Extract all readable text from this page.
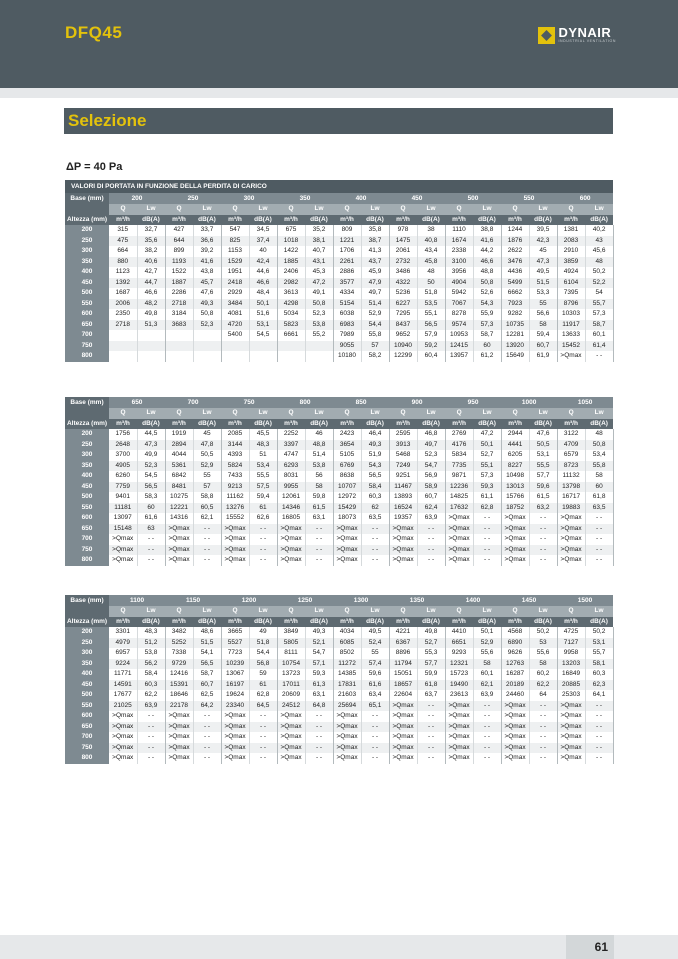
DFQ45	DYNAIR
INDUSTRIAL VENTILATION
Selezione
ΔP = 40 Pa
VALORI DI PORTATA IN FUNZIONE DELLA PERDITA DI CARICO																		
Base (mm)	200		250		300		350		400		450		500		550		600	
	Q	Lw	Q	Lw	Q	Lw	Q	Lw	Q	Lw	Q	Lw	Q	Lw	Q	Lw	Q	Lw
Altezza (mm)	m³/h	dB(A)	m³/h	dB(A)	m³/h	dB(A)	m³/h	dB(A)	m³/h	dB(A)	m³/h	dB(A)	m³/h	dB(A)	m³/h	dB(A)	m³/h	dB(A)
200	315	32,7	427	33,7	547	34,5	675	35,2	809	35,8	978	38	1110	38,8	1244	39,5	1381	40,2
250	475	35,6	644	36,6	825	37,4	1018	38,1	1221	38,7	1475	40,8	1674	41,6	1876	42,3	2083	43
300	664	38,2	899	39,2	1153	40	1422	40,7	1706	41,3	2061	43,4	2338	44,2	2622	45	2910	45,6
350	880	40,6	1193	41,6	1529	42,4	1885	43,1	2261	43,7	2732	45,8	3100	46,6	3476	47,3	3859	48
400	1123	42,7	1522	43,8	1951	44,6	2406	45,3	2886	45,9	3486	48	3956	48,8	4436	49,5	4924	50,2
450	1392	44,7	1887	45,7	2418	46,6	2982	47,2	3577	47,9	4322	50	4904	50,8	5499	51,5	6104	52,2
500	1687	46,6	2286	47,6	2929	48,4	3613	49,1	4334	49,7	5236	51,8	5942	52,6	6662	53,3	7395	54
550	2006	48,2	2718	49,3	3484	50,1	4298	50,8	5154	51,4	6227	53,5	7067	54,3	7923	55	8796	55,7
600	2350	49,8	3184	50,8	4081	51,6	5034	52,3	6038	52,9	7295	55,1	8278	55,9	9282	56,6	10303	57,3
650	2718	51,3	3683	52,3	4720	53,1	5823	53,8	6983	54,4	8437	56,5	9574	57,3	10735	58	11917	58,7
700					5400	54,5	6661	55,2	7989	55,8	9652	57,9	10953	58,7	12281	59,4	13633	60,1
750									9055	57	10940	59,2	12415	60	13920	60,7	15452	61,4
800									10180	58,2	12299	60,4	13957	61,2	15649	61,9	>Qmax	- -
Base (mm)	650		700		750		800		850		900		950		1000		1050	
	Q	Lw	Q	Lw	Q	Lw	Q	Lw	Q	Lw	Q	Lw	Q	Lw	Q	Lw	Q	Lw
Altezza (mm)	m³/h	dB(A)	m³/h	dB(A)	m³/h	dB(A)	m³/h	dB(A)	m³/h	dB(A)	m³/h	dB(A)	m³/h	dB(A)	m³/h	dB(A)	m³/h	dB(A)
200	1756	44,5	1919	45	2085	45,5	2252	46	2423	46,4	2595	46,8	2769	47,2	2944	47,6	3122	48
250	2648	47,3	2894	47,8	3144	48,3	3397	48,8	3654	49,3	3913	49,7	4176	50,1	4441	50,5	4709	50,8
300	3700	49,9	4044	50,5	4393	51	4747	51,4	5105	51,9	5468	52,3	5834	52,7	6205	53,1	6579	53,4
350	4905	52,3	5361	52,9	5824	53,4	6293	53,8	6769	54,3	7249	54,7	7735	55,1	8227	55,5	8723	55,8
400	6260	54,5	6842	55	7433	55,5	8031	56	8638	56,5	9251	56,9	9871	57,3	10498	57,7	11132	58
450	7759	56,5	8481	57	9213	57,5	9955	58	10707	58,4	11467	58,9	12236	59,3	13013	59,6	13798	60
500	9401	58,3	10275	58,8	11162	59,4	12061	59,8	12972	60,3	13893	60,7	14825	61,1	15766	61,5	16717	61,8
550	11181	60	12221	60,5	13276	61	14346	61,5	15429	62	16524	62,4	17632	62,8	18752	63,2	19883	63,5
600	13097	61,6	14316	62,1	15552	62,6	16805	63,1	18073	63,5	19357	63,9	>Qmax	- -	>Qmax	- -	>Qmax	- -
650	15148	63	>Qmax	- -	>Qmax	- -	>Qmax	- -	>Qmax	- -	>Qmax	- -	>Qmax	- -	>Qmax	- -	>Qmax	- -
700	>Qmax	- -	>Qmax	- -	>Qmax	- -	>Qmax	- -	>Qmax	- -	>Qmax	- -	>Qmax	- -	>Qmax	- -	>Qmax	- -
750	>Qmax	- -	>Qmax	- -	>Qmax	- -	>Qmax	- -	>Qmax	- -	>Qmax	- -	>Qmax	- -	>Qmax	- -	>Qmax	- -
800	>Qmax	- -	>Qmax	- -	>Qmax	- -	>Qmax	- -	>Qmax	- -	>Qmax	- -	>Qmax	- -	>Qmax	- -	>Qmax	- -
Base (mm)	1100		1150		1200		1250		1300		1350		1400		1450		1500	
	Q	Lw	Q	Lw	Q	Lw	Q	Lw	Q	Lw	Q	Lw	Q	Lw	Q	Lw	Q	Lw
Altezza (mm)	m³/h	dB(A)	m³/h	dB(A)	m³/h	dB(A)	m³/h	dB(A)	m³/h	dB(A)	m³/h	dB(A)	m³/h	dB(A)	m³/h	dB(A)	m³/h	dB(A)
200	3301	48,3	3482	48,6	3665	49	3849	49,3	4034	49,5	4221	49,8	4410	50,1	4568	50,2	4725	50,2
250	4979	51,2	5252	51,5	5527	51,8	5805	52,1	6085	52,4	6367	52,7	6651	52,9	6890	53	7127	53,1
300	6957	53,8	7338	54,1	7723	54,4	8111	54,7	8502	55	8896	55,3	9293	55,6	9626	55,6	9958	55,7
350	9224	56,2	9729	56,5	10239	56,8	10754	57,1	11272	57,4	11794	57,7	12321	58	12763	58	13203	58,1
400	11771	58,4	12416	58,7	13067	59	13723	59,3	14385	59,6	15051	59,9	15723	60,1	16287	60,2	16849	60,3
450	14591	60,3	15391	60,7	16197	61	17011	61,3	17831	61,6	18657	61,8	19490	62,1	20189	62,2	20885	62,3
500	17677	62,2	18646	62,5	19624	62,8	20609	63,1	21603	63,4	22604	63,7	23613	63,9	24460	64	25303	64,1
550	21025	63,9	22178	64,2	23340	64,5	24512	64,8	25694	65,1	>Qmax	- -	>Qmax	- -	>Qmax	- -	>Qmax	- -
600	>Qmax	- -	>Qmax	- -	>Qmax	- -	>Qmax	- -	>Qmax	- -	>Qmax	- -	>Qmax	- -	>Qmax	- -	>Qmax	- -
650	>Qmax	- -	>Qmax	- -	>Qmax	- -	>Qmax	- -	>Qmax	- -	>Qmax	- -	>Qmax	- -	>Qmax	- -	>Qmax	- -
700	>Qmax	- -	>Qmax	- -	>Qmax	- -	>Qmax	- -	>Qmax	- -	>Qmax	- -	>Qmax	- -	>Qmax	- -	>Qmax	- -
750	>Qmax	- -	>Qmax	- -	>Qmax	- -	>Qmax	- -	>Qmax	- -	>Qmax	- -	>Qmax	- -	>Qmax	- -	>Qmax	- -
800	>Qmax	- -	>Qmax	- -	>Qmax	- -	>Qmax	- -	>Qmax	- -	>Qmax	- -	>Qmax	- -	>Qmax	- -	>Qmax	- -
61
